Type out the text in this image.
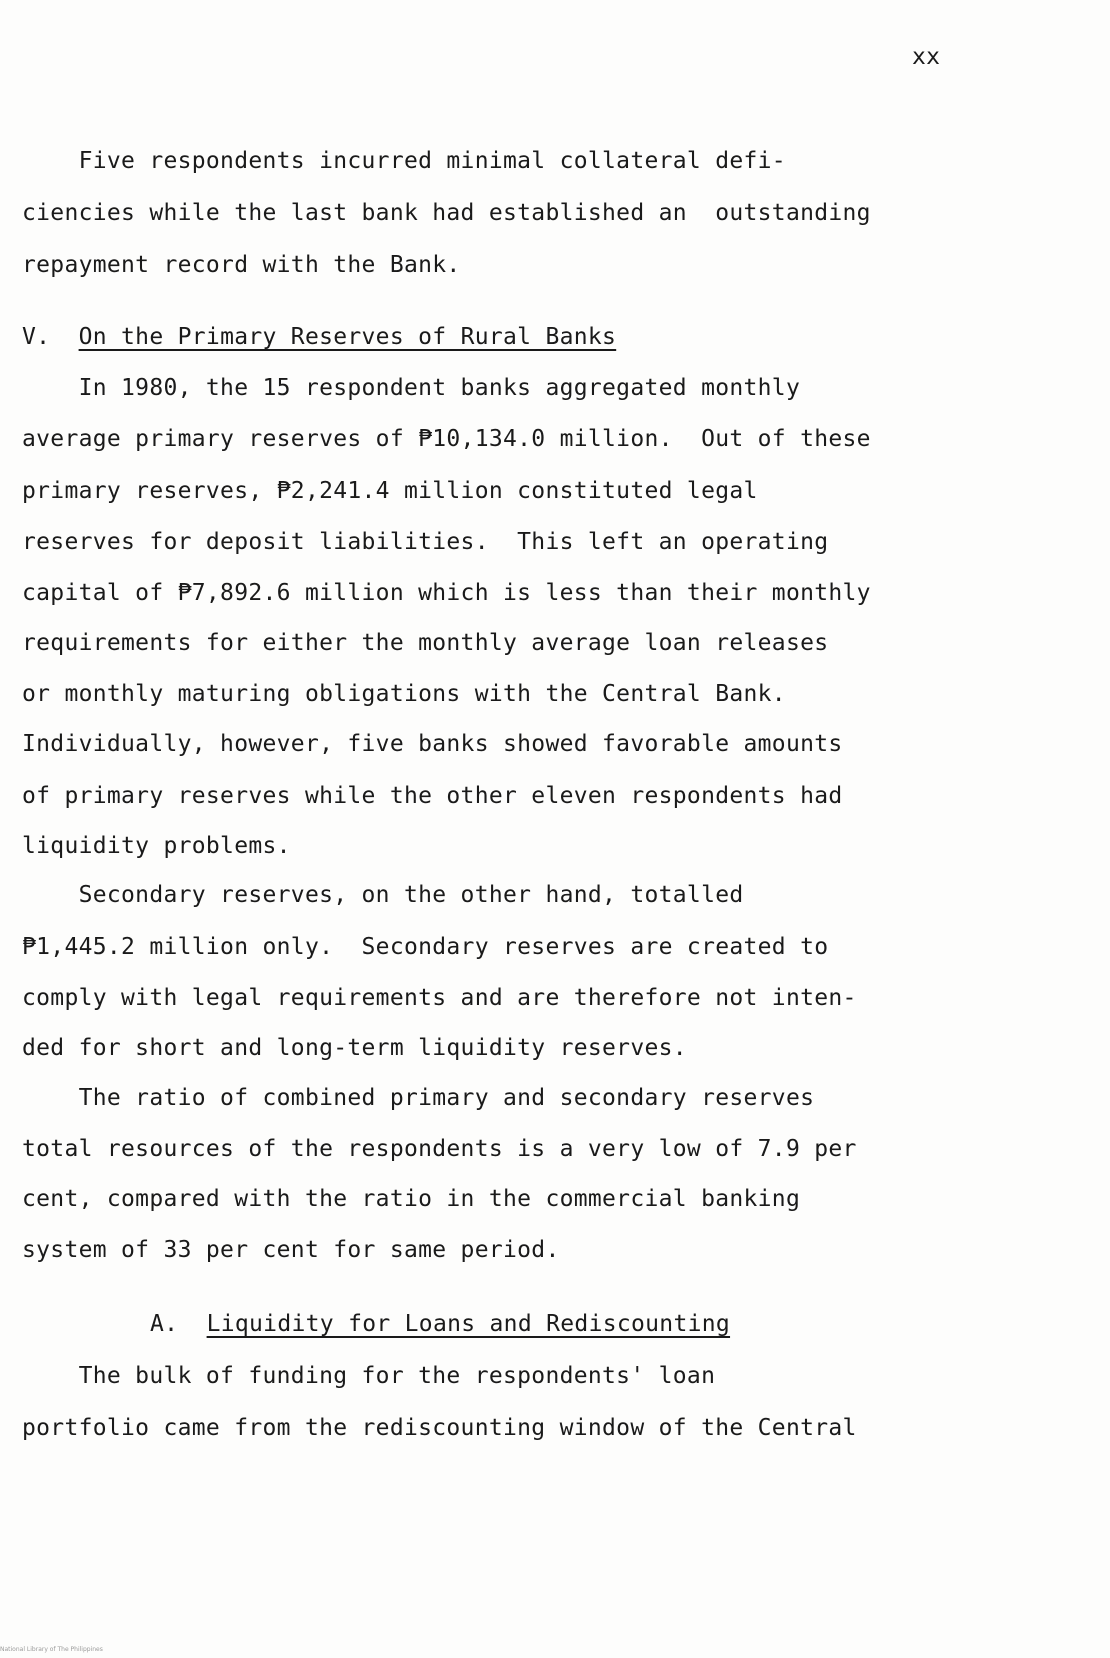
xx
Five respondents incurred minimal collateral defi-
ciencies while the last bank had established an  outstanding
repayment record with the Bank.
V. On the Primary Reserves of Rural Banks
In 1980, the 15 respondent banks aggregated monthly
average primary reserves of ₱10,134.0 million.  Out of these
primary reserves, ₱2,241.4 million constituted legal
reserves for deposit liabilities.  This left an operating
capital of ₱7,892.6 million which is less than their monthly
requirements for either the monthly average loan releases
or monthly maturing obligations with the Central Bank.
Individually, however, five banks showed favorable amounts
of primary reserves while the other eleven respondents had
liquidity problems.
Secondary reserves, on the other hand, totalled
₱1,445.2 million only.  Secondary reserves are created to
comply with legal requirements and are therefore not inten-
ded for short and long-term liquidity reserves.
The ratio of combined primary and secondary reserves
total resources of the respondents is a very low of 7.9 per
cent, compared with the ratio in the commercial banking
system of 33 per cent for same period.
A. Liquidity for Loans and Rediscounting
The bulk of funding for the respondents' loan
portfolio came from the rediscounting window of the Central
National Library of The Philippines
